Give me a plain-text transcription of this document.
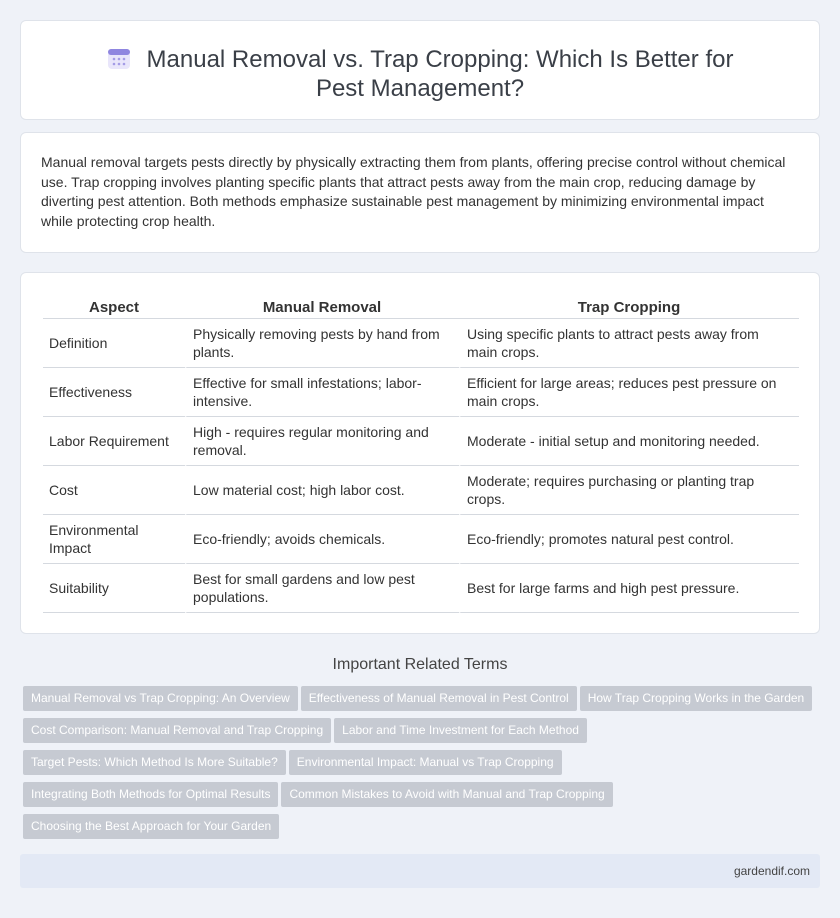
Manual Removal vs. Trap Cropping: Which Is Better for Pest Management?

Manual removal targets pests directly by physically extracting them from plants, offering precise control without chemical use. Trap cropping involves planting specific plants that attract pests away from the main crop, reducing damage by diverting pest attention. Both methods emphasize sustainable pest management by minimizing environmental impact while protecting crop health.

Aspect	Manual Removal	Trap Cropping
Definition	Physically removing pests by hand from plants.	Using specific plants to attract pests away from main crops.
Effectiveness	Effective for small infestations; labor-intensive.	Efficient for large areas; reduces pest pressure on main crops.
Labor Requirement	High - requires regular monitoring and removal.	Moderate - initial setup and monitoring needed.
Cost	Low material cost; high labor cost.	Moderate; requires purchasing or planting trap crops.
Environmental Impact	Eco-friendly; avoids chemicals.	Eco-friendly; promotes natural pest control.
Suitability	Best for small gardens and low pest populations.	Best for large farms and high pest pressure.
Important Related Terms
Manual Removal vs Trap Cropping: An Overview Effectiveness of Manual Removal in Pest Control How Trap Cropping Works in the Garden
Cost Comparison: Manual Removal and Trap Cropping Labor and Time Investment for Each Method
Target Pests: Which Method Is More Suitable? Environmental Impact: Manual vs Trap Cropping
Integrating Both Methods for Optimal Results Common Mistakes to Avoid with Manual and Trap Cropping
Choosing the Best Approach for Your Garden
gardendif.com
